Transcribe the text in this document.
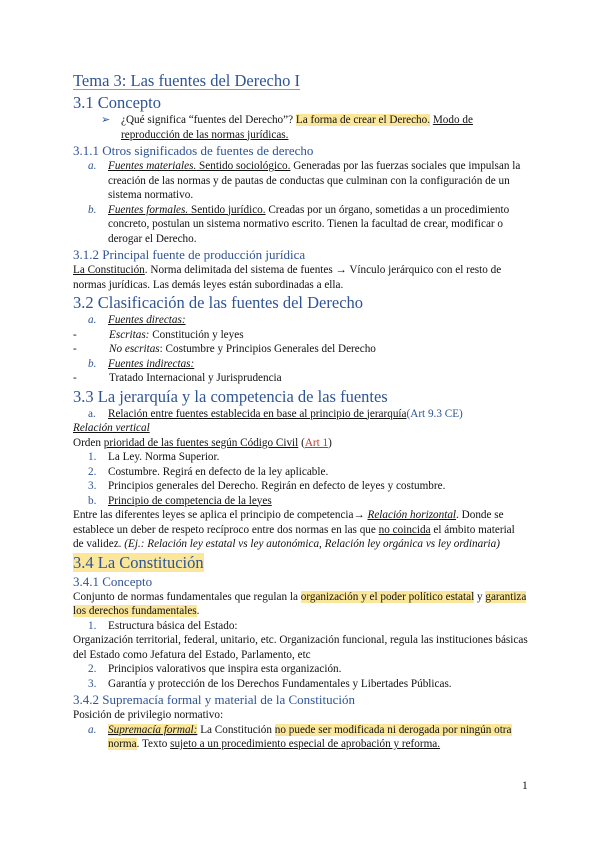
Tema 3: Las fuentes del Derecho I

3.1 Concepto
➢ ¿Qué significa “fuentes del Derecho”? La forma de crear el Derecho. Modo de reproducción de las normas jurídicas.
3.1.1 Otros significados de fuentes de derecho
a.	Fuentes materiales. Sentido sociológico. Generadas por las fuerzas sociales que impulsan la creación de las normas y de pautas de conductas que culminan con la configuración de un sistema normativo.
b.	Fuentes formales. Sentido jurídico. Creadas por un órgano, sometidas a un procedimiento concreto, postulan un sistema normativo escrito. Tienen la facultad de crear, modificar o derogar el Derecho.
3.1.2 Principal fuente de producción jurídica

La Constitución. Norma delimitada del sistema de fuentes → Vínculo jerárquico con el resto de normas jurídicas. Las demás leyes están subordinadas a ella.

3.2 Clasificación de las fuentes del Derecho
a.	Fuentes directas:
-	Escritas: Constitución y leyes
-	No escritas: Costumbre y Principios Generales del Derecho
b.	Fuentes indirectas:
-	Tratado Internacional y Jurisprudencia
3.3 La jerarquía y la competencia de las fuentes
a.	Relación entre fuentes establecida en base al principio de jerarquía(Art 9.3 CE)

Relación vertical

Orden prioridad de las fuentes según Código Civil (Art 1)

1.	La Ley. Norma Superior.
2.	Costumbre. Regirá en defecto de la ley aplicable.
3.	Principios generales del Derecho. Regirán en defecto de leyes y costumbre.
b.	Principio de competencia de la leyes

Entre las diferentes leyes se aplica el principio de competencia→ Relación horizontal. Donde se establece un deber de respeto recíproco entre dos normas en las que no coincida el ámbito material de validez. (Ej.: Relación ley estatal vs ley autonómica, Relación ley orgánica vs ley ordinaria)

3.4 La Constitución
3.4.1 Concepto

Conjunto de normas fundamentales que regulan la organización y el poder político estatal y garantiza los derechos fundamentales.

1.	Estructura básica del Estado:

Organización territorial, federal, unitario, etc. Organización funcional, regula las instituciones básicas del Estado como Jefatura del Estado, Parlamento, etc

2.	Principios valorativos que inspira esta organización.
3.	Garantía y protección de los Derechos Fundamentales y Libertades Públicas.
3.4.2 Supremacía formal y material de la Constitución

Posición de privilegio normativo:

a.	Supremacía formal: La Constitución no puede ser modificada ni derogada por ningún otra norma. Texto sujeto a un procedimiento especial de aprobación y reforma.
1
